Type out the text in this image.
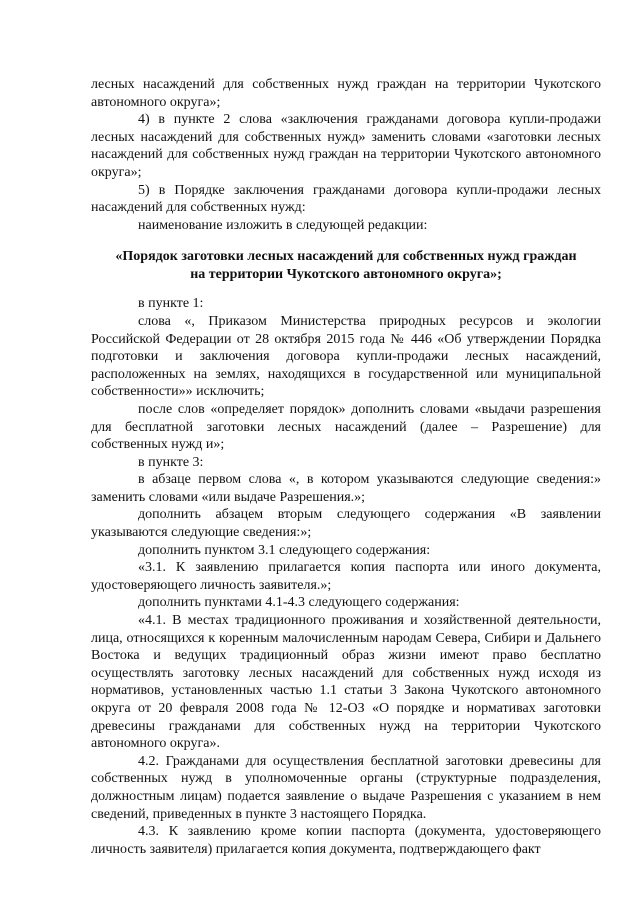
лесных насаждений для собственных нужд граждан на территории Чукотского автономного округа»;

4) в пункте 2 слова «заключения гражданами договора купли-продажи лесных насаждений для собственных нужд» заменить словами «заготовки лесных насаждений для собственных нужд граждан на территории Чукотского автономного округа»;

5) в Порядке заключения гражданами договора купли-продажи лесных насаждений для собственных нужд:

наименование изложить в следующей редакции:

«Порядок заготовки лесных насаждений для собственных нужд граждан
на территории Чукотского автономного округа»;

в пункте 1:

слова «, Приказом Министерства природных ресурсов и экологии Российской Федерации от 28 октября 2015 года № 446 «Об утверждении Порядка подготовки и заключения договора купли-продажи лесных насаждений, расположенных на землях, находящихся в государственной или муниципальной собственности»» исключить;

после слов «определяет порядок» дополнить словами «выдачи разрешения для бесплатной заготовки лесных насаждений (далее – Разрешение) для собственных нужд и»;

в пункте 3:

в абзаце первом слова «, в котором указываются следующие сведения:» заменить словами «или выдаче Разрешения.»;

дополнить абзацем вторым следующего содержания «В заявлении указываются следующие сведения:»;

дополнить пунктом 3.1 следующего содержания:

«3.1. К заявлению прилагается копия паспорта или иного документа, удостоверяющего личность заявителя.»;

дополнить пунктами 4.1-4.3 следующего содержания:

«4.1. В местах традиционного проживания и хозяйственной деятельности, лица, относящихся к коренным малочисленным народам Севера, Сибири и Дальнего Востока и ведущих традиционный образ жизни имеют право бесплатно осуществлять заготовку лесных насаждений для собственных нужд исходя из нормативов, установленных частью 1.1 статьи 3 Закона Чукотского автономного округа от 20 февраля 2008 года № 12-ОЗ «О порядке и нормативах заготовки древесины гражданами для собственных нужд на территории Чукотского автономного округа».

4.2. Гражданами для осуществления бесплатной заготовки древесины для собственных нужд в уполномоченные органы (структурные подразделения, должностным лицам) подается заявление о выдаче Разрешения с указанием в нем сведений, приведенных в пункте 3 настоящего Порядка.

4.3. К заявлению кроме копии паспорта (документа, удостоверяющего личность заявителя) прилагается копия документа, подтверждающего факт
